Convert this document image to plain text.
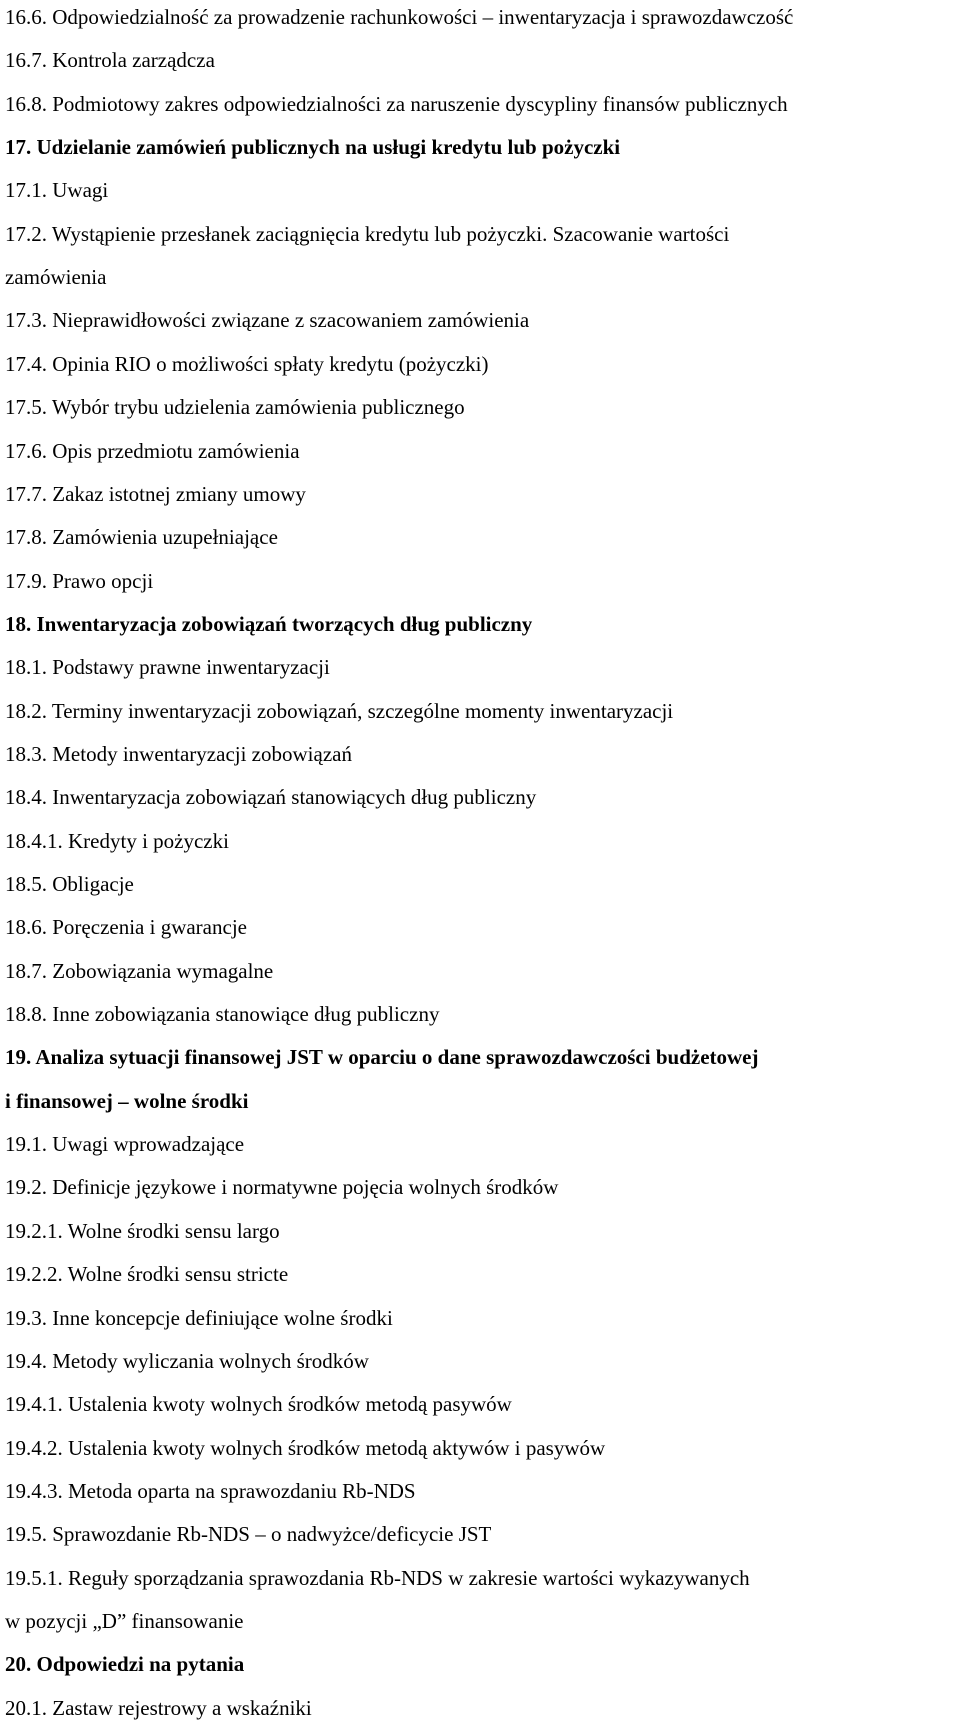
16.6. Odpowiedzialność za prowadzenie rachunkowości – inwentaryzacja i sprawozdawczość
16.7. Kontrola zarządcza
16.8. Podmiotowy zakres odpowiedzialności za naruszenie dyscypliny finansów publicznych
17. Udzielanie zamówień publicznych na usługi kredytu lub pożyczki
17.1. Uwagi
17.2. Wystąpienie przesłanek zaciągnięcia kredytu lub pożyczki. Szacowanie wartości
zamówienia
17.3. Nieprawidłowości związane z szacowaniem zamówienia
17.4. Opinia RIO o możliwości spłaty kredytu (pożyczki)
17.5. Wybór trybu udzielenia zamówienia publicznego
17.6. Opis przedmiotu zamówienia
17.7. Zakaz istotnej zmiany umowy
17.8. Zamówienia uzupełniające
17.9. Prawo opcji
18. Inwentaryzacja zobowiązań tworzących dług publiczny
18.1. Podstawy prawne inwentaryzacji
18.2. Terminy inwentaryzacji zobowiązań, szczególne momenty inwentaryzacji
18.3. Metody inwentaryzacji zobowiązań
18.4. Inwentaryzacja zobowiązań stanowiących dług publiczny
18.4.1. Kredyty i pożyczki
18.5. Obligacje
18.6. Poręczenia i gwarancje
18.7. Zobowiązania wymagalne
18.8. Inne zobowiązania stanowiące dług publiczny
19. Analiza sytuacji finansowej JST w oparciu o dane sprawozdawczości budżetowej
i finansowej – wolne środki
19.1. Uwagi wprowadzające
19.2. Definicje językowe i normatywne pojęcia wolnych środków
19.2.1. Wolne środki sensu largo
19.2.2. Wolne środki sensu stricte
19.3. Inne koncepcje definiujące wolne środki
19.4. Metody wyliczania wolnych środków
19.4.1. Ustalenia kwoty wolnych środków metodą pasywów
19.4.2. Ustalenia kwoty wolnych środków metodą aktywów i pasywów
19.4.3. Metoda oparta na sprawozdaniu Rb-NDS
19.5. Sprawozdanie Rb-NDS – o nadwyżce/deficycie JST
19.5.1. Reguły sporządzania sprawozdania Rb-NDS w zakresie wartości wykazywanych
w pozycji „D” finansowanie
20. Odpowiedzi na pytania
20.1. Zastaw rejestrowy a wskaźniki
